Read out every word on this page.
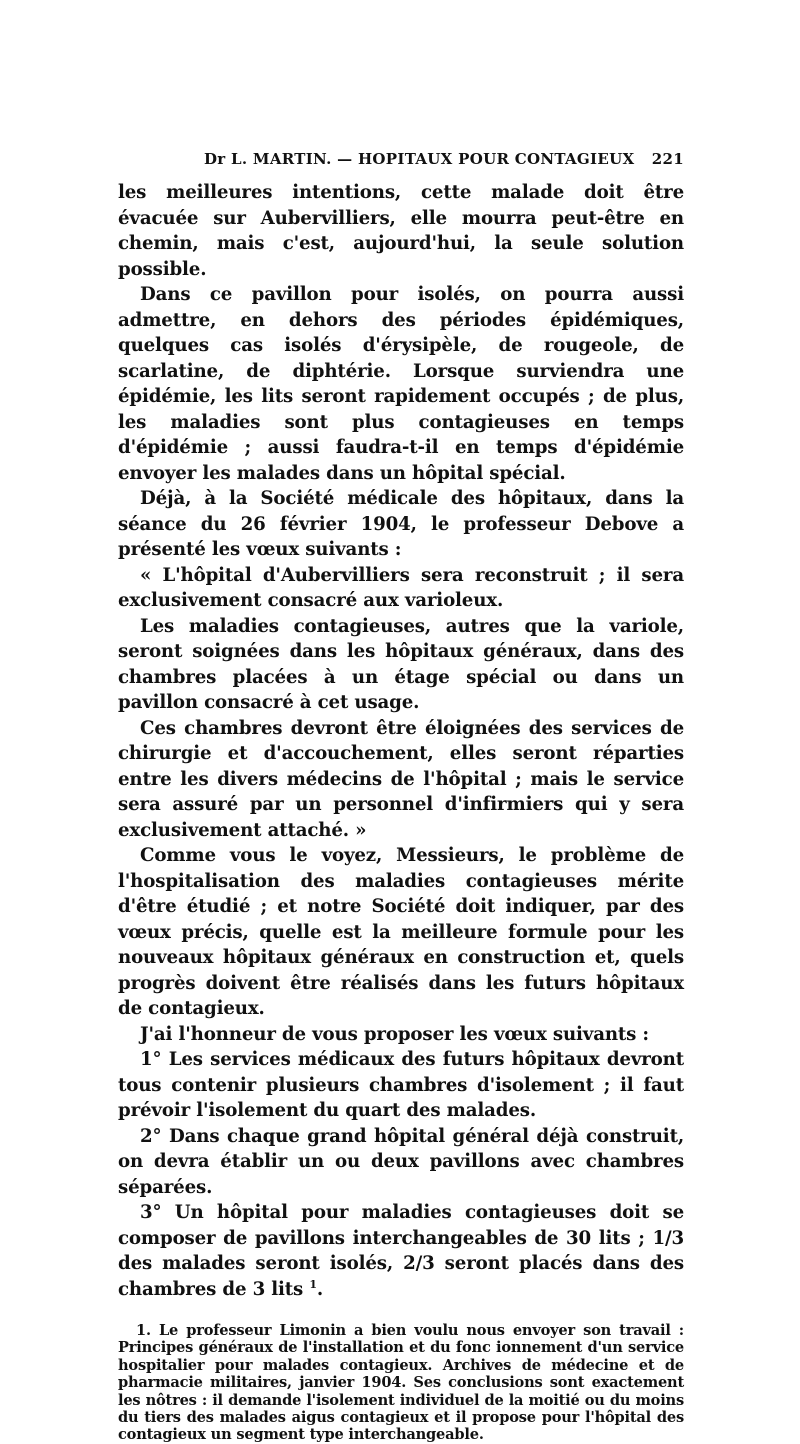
Dr L. MARTIN. — HOPITAUX POUR CONTAGIEUX 221

les meilleures intentions, cette malade doit être évacuée sur Aubervilliers, elle mourra peut-être en chemin, mais c'est, aujourd'hui, la seule solution possible.

Dans ce pavillon pour isolés, on pourra aussi admettre, en dehors des périodes épidémiques, quelques cas isolés d'érysipèle, de rougeole, de scarlatine, de diphtérie. Lorsque surviendra une épidémie, les lits seront rapidement occupés ; de plus, les maladies sont plus contagieuses en temps d'épidémie ; aussi faudra-t-il en temps d'épidémie envoyer les malades dans un hôpital spécial.

Déjà, à la Société médicale des hôpitaux, dans la séance du 26 février 1904, le professeur Debove a présenté les vœux suivants :

« L'hôpital d'Aubervilliers sera reconstruit ; il sera exclusivement consacré aux varioleux.

Les maladies contagieuses, autres que la variole, seront soignées dans les hôpitaux généraux, dans des chambres placées à un étage spécial ou dans un pavillon consacré à cet usage.

Ces chambres devront être éloignées des services de chirurgie et d'accouchement, elles seront réparties entre les divers médecins de l'hôpital ; mais le service sera assuré par un personnel d'infirmiers qui y sera exclusivement attaché. »

Comme vous le voyez, Messieurs, le problème de l'hospitalisation des maladies contagieuses mérite d'être étudié ; et notre Société doit indiquer, par des vœux précis, quelle est la meilleure formule pour les nouveaux hôpitaux généraux en construction et, quels progrès doivent être réalisés dans les futurs hôpitaux de contagieux.

J'ai l'honneur de vous proposer les vœux suivants :

1° Les services médicaux des futurs hôpitaux devront tous contenir plusieurs chambres d'isolement ; il faut prévoir l'isolement du quart des malades.

2° Dans chaque grand hôpital général déjà construit, on devra établir un ou deux pavillons avec chambres séparées.

3° Un hôpital pour maladies contagieuses doit se composer de pavillons interchangeables de 30 lits ; 1/3 des malades seront isolés, 2/3 seront placés dans des chambres de 3 lits $^1$.

1. Le professeur Limonin a bien voulu nous envoyer son travail : Principes généraux de l'installation et du fonc ionnement d'un service hospitalier pour malades contagieux. Archives de médecine et de pharmacie militaires, janvier 1904. Ses conclusions sont exactement les nôtres : il demande l'isolement individuel de la moitié ou du moins du tiers des malades aigus contagieux et il propose pour l'hôpital des contagieux un segment type interchangeable.
